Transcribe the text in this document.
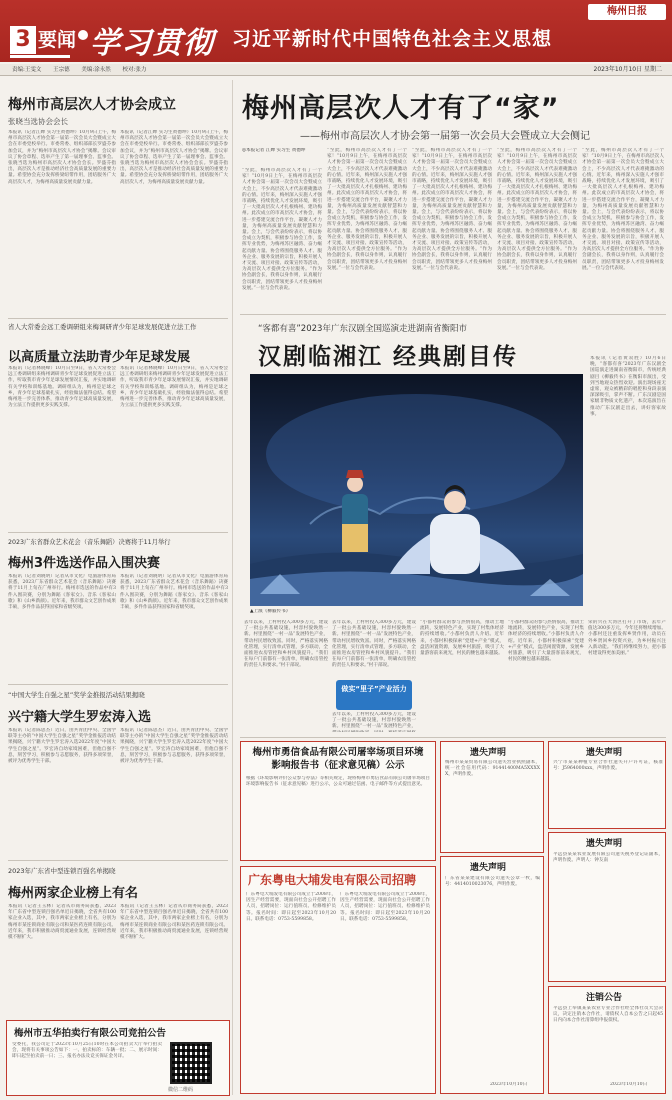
3 要闻 学习贯彻 习近平新时代中国特色社会主义思想
梅州日报
责编:王雯文 王宗德 美编:涂永然 校对:张力	2023年10月10日 星期二
梅州市高层次人才协会成立
张晓当选协会会长
本报讯（记者江婵 实习生黄德坤）10月9日上午，梅州市高层次人才协会第一届第一次会员大会暨成立大会在市委党校举行。市委常委、组织部部长罗盛芬参加会议，并为“梅州市高层次人才协会”揭牌。会议审议了协会章程、选举产生了第一届理事会、监事会。张晓当选为梅州市高层次人才协会会长。罗盛芬指出，高层次人才是推动经济社会高质量发展的重要力量。希望协会充分发挥桥梁纽带作用，团结服务广大高层次人才，为梅州高质量发展贡献力量。
本报讯（记者江婵 实习生黄德坤）10月9日上午，梅州市高层次人才协会第一届第一次会员大会暨成立大会在市委党校举行。市委常委、组织部部长罗盛芬参加会议，并为“梅州市高层次人才协会”揭牌。会议审议了协会章程、选举产生了第一届理事会、监事会。张晓当选为梅州市高层次人才协会会长。罗盛芬指出，高层次人才是推动经济社会高质量发展的重要力量。希望协会充分发挥桥梁纽带作用，团结服务广大高层次人才，为梅州高质量发展贡献力量。
省人大常委会远工委调研组来梅调研青少年足球发展促进立法工作
以高质量立法助青少年足球发展
本报讯（记者林晓峰）10月日至9日，省人大常委会远工委调研组来梅州调研青少年足球发展促进立法工作，听取我市青少年足球发展情况汇报，并实地调研有关学校和训练基地。调研组认为，梅州是足球之乡，青少年足球基础扎实，经验做法值得总结。希望梅州进一步完善体系，推动青少年足球高质量发展，为立法工作提供更多实践支撑。
本报讯（记者林晓峰）10月日至9日，省人大常委会远工委调研组来梅州调研青少年足球发展促进立法工作，听取我市青少年足球发展情况汇报，并实地调研有关学校和训练基地。调研组认为，梅州是足球之乡，青少年足球基础扎实，经验做法值得总结。希望梅州进一步完善体系，推动青少年足球高质量发展，为立法工作提供更多实践支撑。
2023广东省群众艺术花会（音乐舞蹈）决赛将于11月举行
梅州3件选送作品入围决赛
本报讯（记者刘晓明）记者从市文化广电旅游体育局获悉，2023广东省群众艺术花会（音乐舞蹈）决赛将于11月上旬在广州举行。梅州市选送的作品中有3件入围决赛，分别为舞蹈《客家女》、音乐《客家山歌》和《山乡新颜》。近年来，我市群众文艺创作成果丰硕，多件作品获得国家和省级奖项。
本报讯（记者刘晓明）记者从市文化广电旅游体育局获悉，2023广东省群众艺术花会（音乐舞蹈）决赛将于11月上旬在广州举行。梅州市选送的作品中有3件入围决赛，分别为舞蹈《客家女》、音乐《客家山歌》和《山乡新颜》。近年来，我市群众文艺创作成果丰硕，多件作品获得国家和省级奖项。
“中国大学生自强之星”奖学金推报活动结果揭晓
兴宁籍大学生罗宏涛入选
本报讯（记者陈思杰）近日，由共青团中央、全国学联等主办的“中国大学生自强之星”奖学金推报活动结果揭晓，兴宁籍大学生罗宏涛入选2022年度“中国大学生自强之星”。罗宏涛自幼家境困难，但他自强不息，刻苦学习，积极参与志愿服务，获得多项荣誉，被评为优秀学生干部。
本报讯（记者陈思杰）近日，由共青团中央、全国学联等主办的“中国大学生自强之星”奖学金推报活动结果揭晓，兴宁籍大学生罗宏涛入选2022年度“中国大学生自强之星”。罗宏涛自幼家境困难，但他自强不息，刻苦学习，积极参与志愿服务，获得多项荣誉，被评为优秀学生干部。
2023年广东省中型连锁百强名单揭晓
梅州两家企业榜上有名
本报讯（记者王玉林）记者从市商务局获悉，2023年广东省中型连锁百强名单近日揭晓，全省共有100家企业入选，其中，我市两家企业榜上有名，分别为梅州市某连锁商业有限公司和某医药连锁有限公司。近年来，我市积极推动商贸流通业发展，连锁经营规模不断扩大。
本报讯（记者王玉林）记者从市商务局获悉，2023年广东省中型连锁百强名单近日揭晓，全省共有100家企业入选，其中，我市两家企业榜上有名，分别为梅州市某连锁商业有限公司和某医药连锁有限公司。近年来，我市积极推动商贸流通业发展，连锁经营规模不断扩大。
梅州市五华拍卖行有限公司竞拍公告
受委托，我公司定于2023年10月25日10时在本公司拍卖大厅举行拍卖会，现将有关事项公告如下：一、拍卖标的：车辆一批；二、展示时间：即日起至拍卖前一日；三、报名办法及竞买保证金另详。
微信二维码
梅州高层次人才有了“家”
——梅州市高层次人才协会第一届第一次会员大会暨成立大会侧记
◎本报记者 江婵 实习生 黄德坤
“至此，梅州市高层次人才有了一个家！”10月9日上午，在梅州市高层次人才协会第一届第一次会员大会暨成立大会上，不少高层次人才代表难掩激动的心情。近年来，梅州深入实施人才强市战略，持续优化人才发展环境，吸引了一大批高层次人才扎根梅州、建功梅州。此次成立的市高层次人才协会，将进一步搭建交流合作平台，凝聚人才力量，为梅州高质量发展贡献智慧和力量。会上，与会代表纷纷表示，将以协会成立为契机，积极参与协会工作，发挥专业优势，为梅州苏区融湾、奋力崛起贡献力量。协会将围绕服务人才、服务企业、服务发展的宗旨，积极开展人才交流、项目对接、政策宣传等活动，为高层次人才提供全方位服务。“作为协会副会长，我将以身作则，认真履行会员职责，团结带领更多人才投身梅州发展。”一位与会代表说。
“至此，梅州市高层次人才有了一个家！”10月9日上午，在梅州市高层次人才协会第一届第一次会员大会暨成立大会上，不少高层次人才代表难掩激动的心情。近年来，梅州深入实施人才强市战略，持续优化人才发展环境，吸引了一大批高层次人才扎根梅州、建功梅州。此次成立的市高层次人才协会，将进一步搭建交流合作平台，凝聚人才力量，为梅州高质量发展贡献智慧和力量。会上，与会代表纷纷表示，将以协会成立为契机，积极参与协会工作，发挥专业优势，为梅州苏区融湾、奋力崛起贡献力量。协会将围绕服务人才、服务企业、服务发展的宗旨，积极开展人才交流、项目对接、政策宣传等活动，为高层次人才提供全方位服务。“作为协会副会长，我将以身作则，认真履行会员职责，团结带领更多人才投身梅州发展。”一位与会代表说。
“至此，梅州市高层次人才有了一个家！”10月9日上午，在梅州市高层次人才协会第一届第一次会员大会暨成立大会上，不少高层次人才代表难掩激动的心情。近年来，梅州深入实施人才强市战略，持续优化人才发展环境，吸引了一大批高层次人才扎根梅州、建功梅州。此次成立的市高层次人才协会，将进一步搭建交流合作平台，凝聚人才力量，为梅州高质量发展贡献智慧和力量。会上，与会代表纷纷表示，将以协会成立为契机，积极参与协会工作，发挥专业优势，为梅州苏区融湾、奋力崛起贡献力量。协会将围绕服务人才、服务企业、服务发展的宗旨，积极开展人才交流、项目对接、政策宣传等活动，为高层次人才提供全方位服务。“作为协会副会长，我将以身作则，认真履行会员职责，团结带领更多人才投身梅州发展。”一位与会代表说。
“至此，梅州市高层次人才有了一个家！”10月9日上午，在梅州市高层次人才协会第一届第一次会员大会暨成立大会上，不少高层次人才代表难掩激动的心情。近年来，梅州深入实施人才强市战略，持续优化人才发展环境，吸引了一大批高层次人才扎根梅州、建功梅州。此次成立的市高层次人才协会，将进一步搭建交流合作平台，凝聚人才力量，为梅州高质量发展贡献智慧和力量。会上，与会代表纷纷表示，将以协会成立为契机，积极参与协会工作，发挥专业优势，为梅州苏区融湾、奋力崛起贡献力量。协会将围绕服务人才、服务企业、服务发展的宗旨，积极开展人才交流、项目对接、政策宣传等活动，为高层次人才提供全方位服务。“作为协会副会长，我将以身作则，认真履行会员职责，团结带领更多人才投身梅州发展。”一位与会代表说。
“至此，梅州市高层次人才有了一个家！”10月9日上午，在梅州市高层次人才协会第一届第一次会员大会暨成立大会上，不少高层次人才代表难掩激动的心情。近年来，梅州深入实施人才强市战略，持续优化人才发展环境，吸引了一大批高层次人才扎根梅州、建功梅州。此次成立的市高层次人才协会，将进一步搭建交流合作平台，凝聚人才力量，为梅州高质量发展贡献智慧和力量。会上，与会代表纷纷表示，将以协会成立为契机，积极参与协会工作，发挥专业优势，为梅州苏区融湾、奋力崛起贡献力量。协会将围绕服务人才、服务企业、服务发展的宗旨，积极开展人才交流、项目对接、政策宣传等活动，为高层次人才提供全方位服务。“作为协会副会长，我将以身作则，认真履行会员职责，团结带领更多人才投身梅州发展。”一位与会代表说。
“客都有喜”2023年广东汉剧全国巡演走进湖南省衡阳市
汉剧临湘江 经典剧目传	本报讯（记者黄双胜）10月6日晚，“客都有喜”2023年广东汉剧全国巡演走进湖南省衡阳市，传统经典剧目《柳毅传书》在衡阳市演出，受到当地观众热烈欢迎。演出现场座无虚席，观众被精彩的唱腔和身段表演深深吸引，掌声不断。广东汉剧是国家级非物质文化遗产，本次巡演旨在推动广东汉剧走出去，讲好客家故事。
▲上演《柳毅传书》
去年以来，上村村投入300多万元，建设了一批公共基础设施，村容村貌焕然一新。村里围绕“一村一品”发展特色产业，带动村民增收致富。同时，严格落实网格化管理，实行清单式管理，多方联动，全面推进农房管控和乡村风貌提升。“我们在每户门前都有一张清单，明确农房管控的责任人和要求。”村干部说。
去年以来，上村村投入300多万元，建设了一批公共基础设施，村容村貌焕然一新。村里围绕“一村一品”发展特色产业，带动村民增收致富。同时，严格落实网格化管理，实行清单式管理，多方联动，全面推进农房管控和乡村风貌提升。“我们在每户门前都有一张清单，明确农房管控的责任人和要求。”村干部说。
做实“里子”产业活力
去年以来，上村村投入300多万元，建设了一批公共基础设施，村容村貌焕然一新。村里围绕“一村一品”发展特色产业，
“小都村群众的参与热情很高，推动土地流转，发展特色产业，实现了村集体经济的持续增收。”小都村负责人介绍。近年来，小都村积极探索“党建+产业”模式，盘活闲置资源，发展乡村旅游，吸引了大量游客前来观光，村民的腰包越来越鼓。
“小都村群众的参与热情很高，推动土地流转，发展特色产业，实现了村集体经济的持续增收。”小都村负责人介绍。近年来，小都村积极探索“党建+产业”模式，盘活闲置资源，发展乡村旅游，吸引了大量游客前来观光，村民的腰包越来越鼓。
荣的兴在大湾区打开了市场，去年产值达300多万元，今年还将继续增加。小都村还注重发挥乡贤作用，动员在外乡贤回乡投资兴业，为乡村振兴注入新动能。“我们将继续努力，把小都村建设得更加美丽。”
梅州市勇信食品有限公司屠宰场项目环境影响报告书（征求意见稿）公示
根据《环境影响评价公众参与办法》等相关规定，现将梅州市勇信食品有限公司屠宰场项目环境影响报告书（征求意见稿）进行公示，公众可通过信函、电子邮件等方式提出意见。
广东粤电大埔发电有限公司招聘
广东粤电大埔发电有限公司成立于2008年，因生产经营需要，现面向社会公开招聘工作人员，招聘岗位：运行值班员、检修维护员等。报名时间：即日起至2023年10月20日。联系电话：0753-5599858。
广东粤电大埔发电有限公司成立于2008年，因生产经营需要，现面向社会公开招聘工作人员，招聘岗位：运行值班员、检修维护员等。报名时间：即日起至2023年10月20日。联系电话：0753-5599858。
遗失声明
梅州市某某贸易有限公司遗失营业执照副本，统一社会信用代码：91441400MA5XXXXX，声明作废。
遗失声明
广东省某某建设有限公司遗失公章一枚，编号：4414010023076，声明作废。
2023年10月10日
遗失声明
兴宁市某某种植专业合作社遗失开户许可证，核准号：J5964000xxx，声明作废。
遗失声明
平远县某某农业发展有限公司遗失税务登记证副本，声明作废。声明人：钟友南
注销公告
平远县上举镇某某农业专业合作社经全体社员大会决议，决定注销本合作社，请债权人自本公告之日起45日内向本合作社清算组申报债权。
2023年10月10日
